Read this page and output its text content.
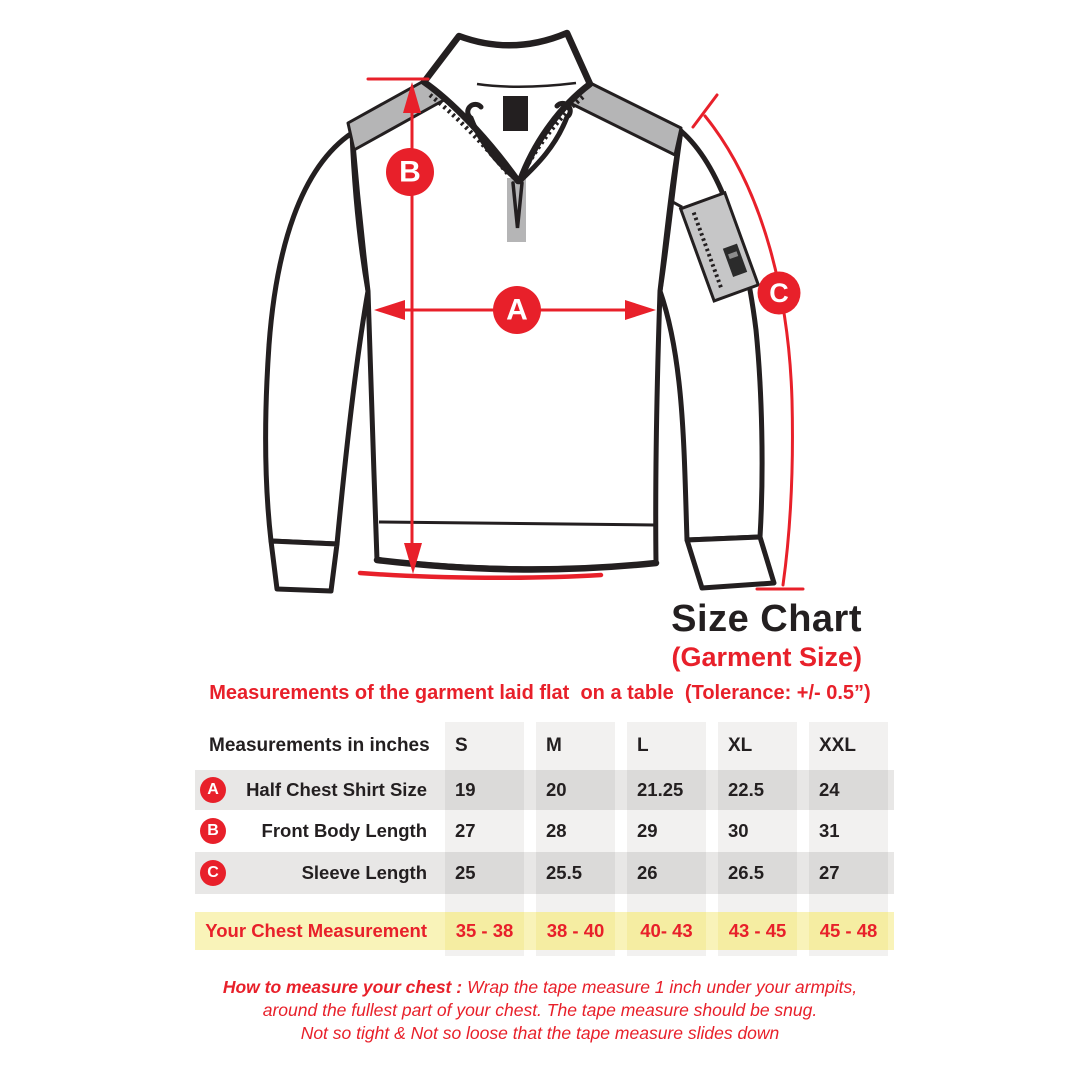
B
A
C
Size Chart
(Garment Size)
Measurements of the garment laid flat  on a table  (Tolerance: +/- 0.5”)
Measurements in inches	S	M	L	XL	XXL
A	Half Chest Shirt Size	19	20	21.25	22.5	24
B	Front Body Length	27	28	29	30	31
C	Sleeve Length	25	25.5	26	26.5	27
Your Chest Measurement	35 - 38	38 - 40	40- 43	43 - 45	45 - 48
How to measure your chest : Wrap the tape measure 1 inch under your armpits,
around the fullest part of your chest. The tape measure should be snug.
Not so tight & Not so loose that the tape measure slides down
